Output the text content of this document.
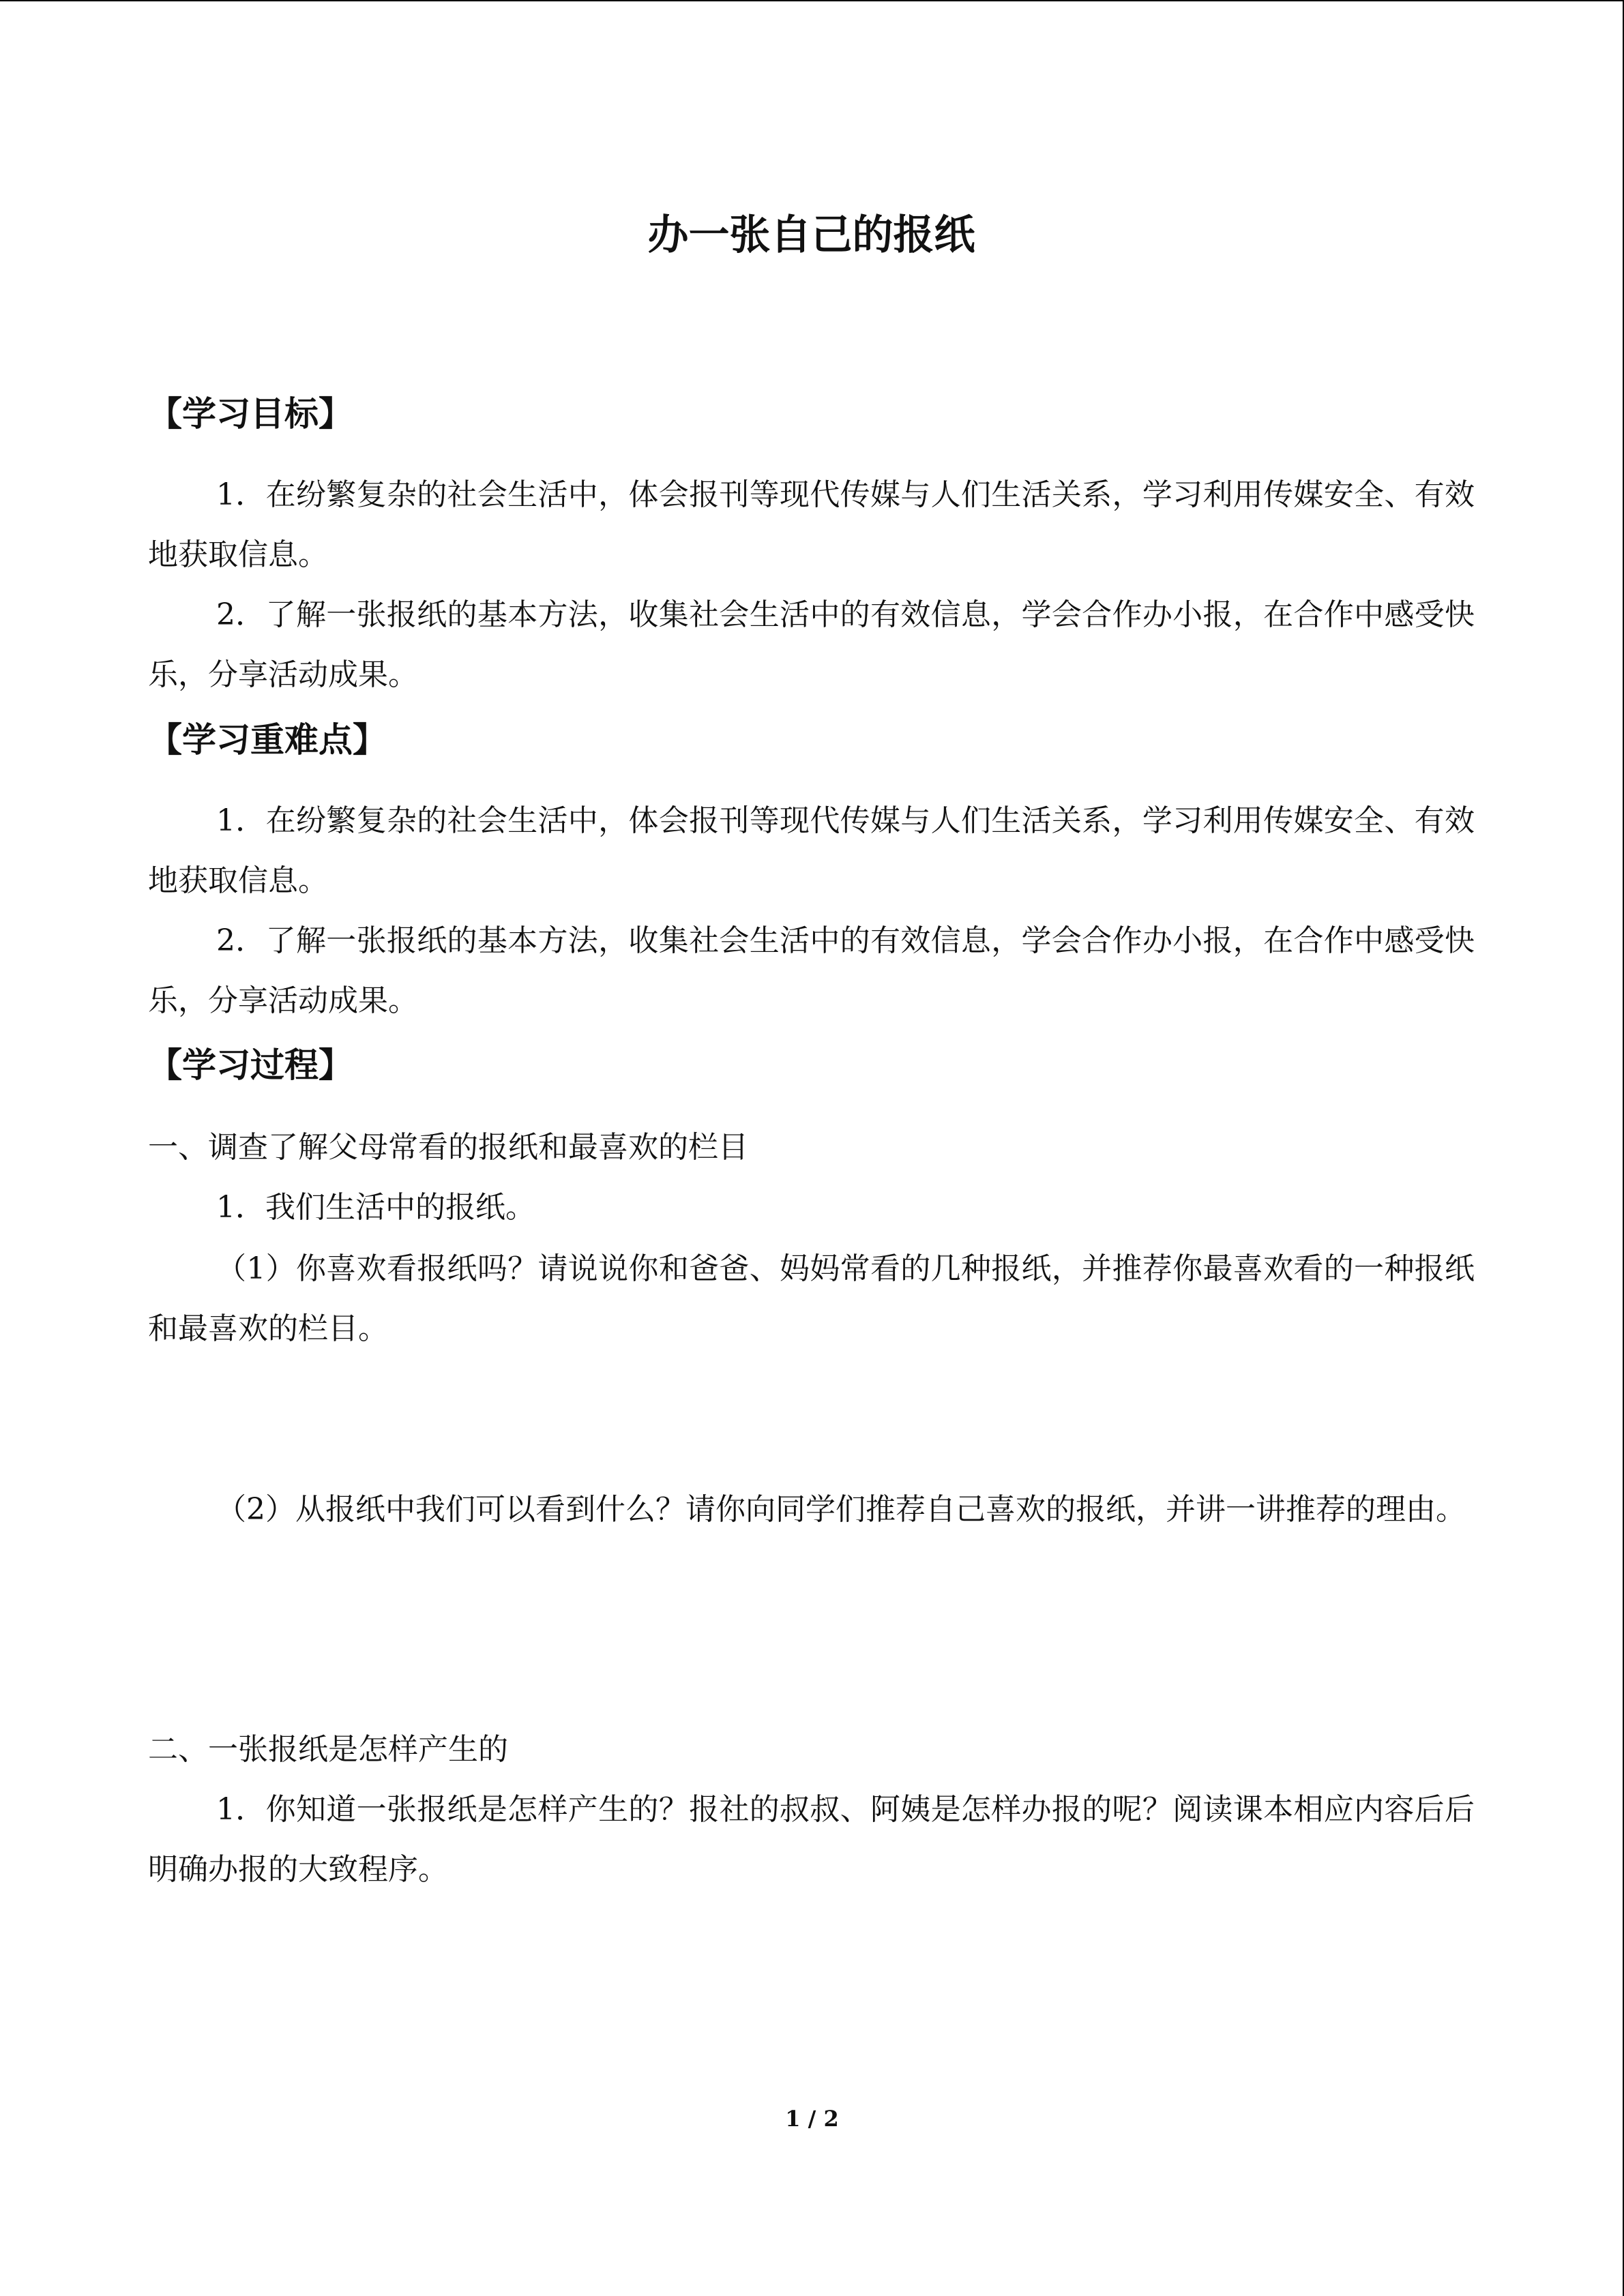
办一张自己的报纸
【学习目标】

1．在纷繁复杂的社会生活中，体会报刊等现代传媒与人们生活关系，学习利用传媒安全、有效地获取信息。

2．了解一张报纸的基本方法，收集社会生活中的有效信息，学会合作办小报，在合作中感受快乐，分享活动成果。

【学习重难点】

1．在纷繁复杂的社会生活中，体会报刊等现代传媒与人们生活关系，学习利用传媒安全、有效地获取信息。

2．了解一张报纸的基本方法，收集社会生活中的有效信息，学会合作办小报，在合作中感受快乐，分享活动成果。

【学习过程】

一、调查了解父母常看的报纸和最喜欢的栏目

1．我们生活中的报纸。

（1）你喜欢看报纸吗？请说说你和爸爸、妈妈常看的几种报纸，并推荐你最喜欢看的一种报纸和最喜欢的栏目。

（2）从报纸中我们可以看到什么？请你向同学们推荐自己喜欢的报纸，并讲一讲推荐的理由。

二、一张报纸是怎样产生的

1．你知道一张报纸是怎样产生的？报社的叔叔、阿姨是怎样办报的呢？阅读课本相应内容后后明确办报的大致程序。

1 / 2
